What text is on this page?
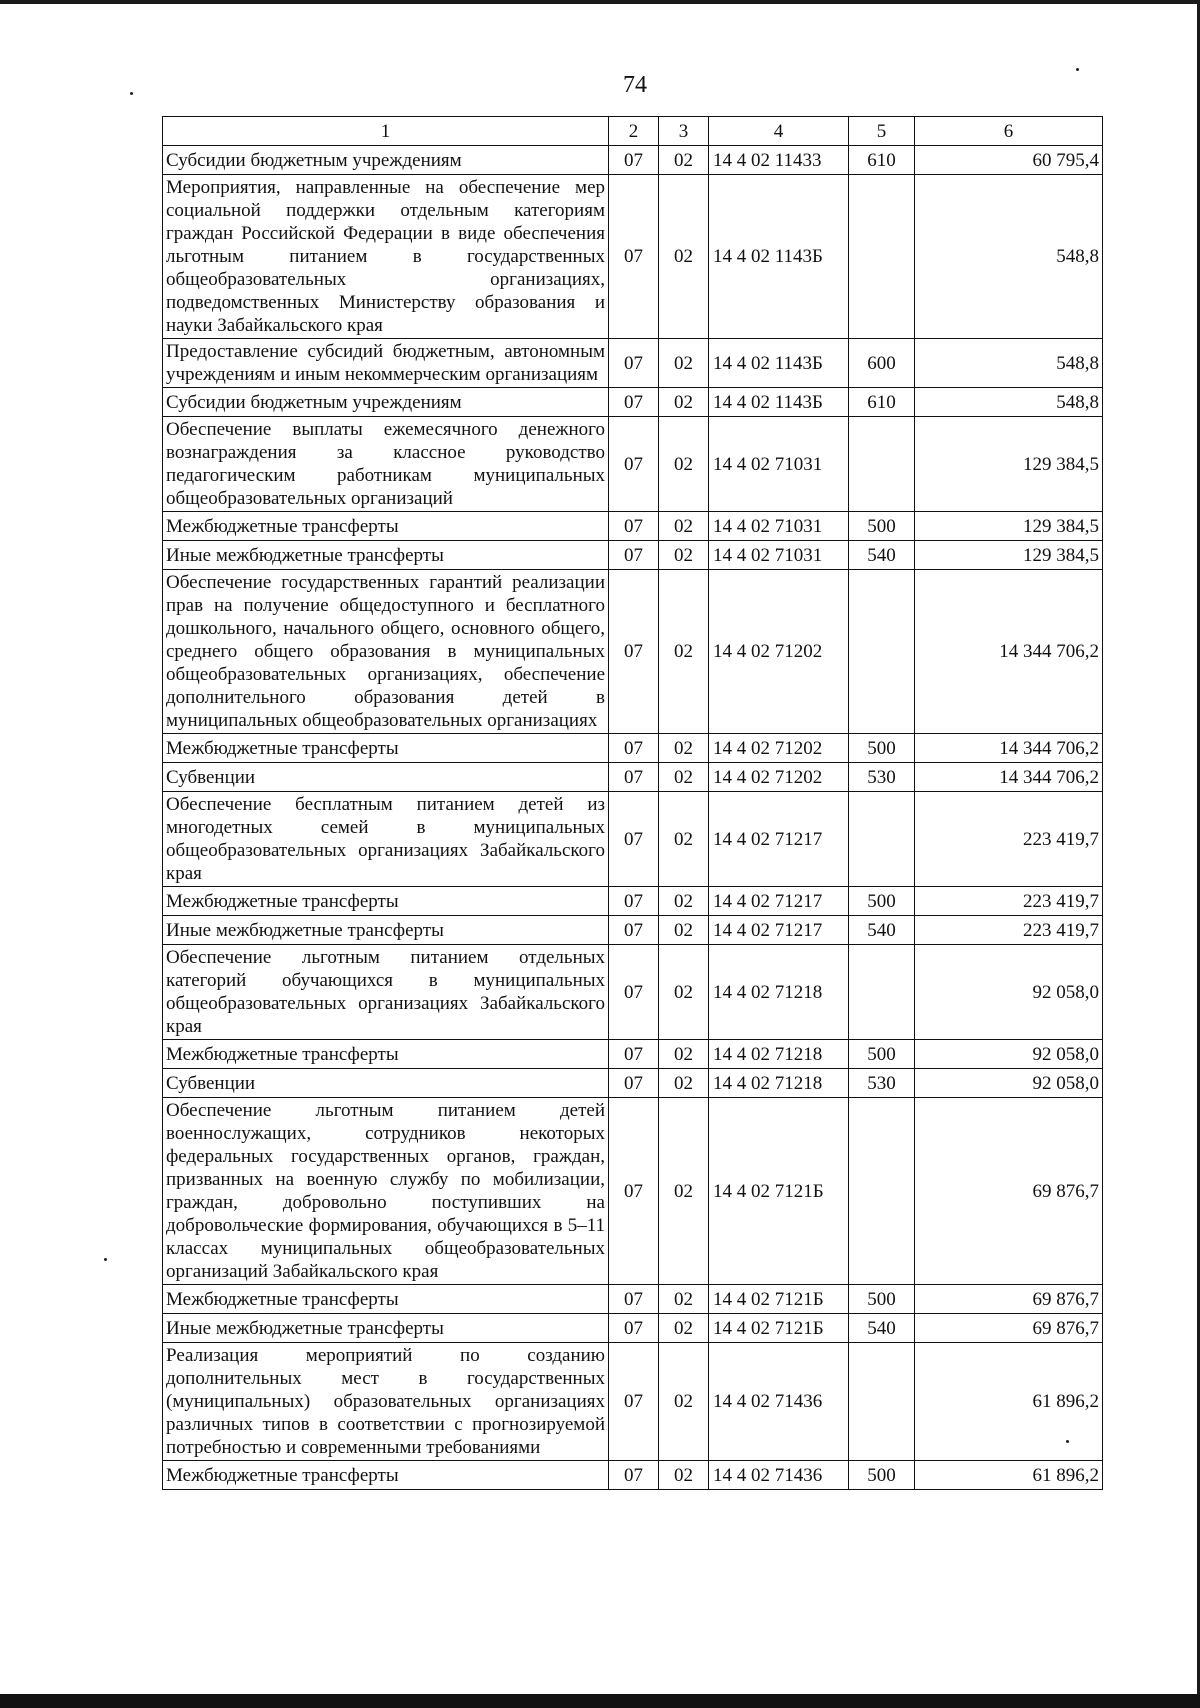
74
1	2	3	4	5	6
Субсидии бюджетным учреждениям	07	02	14 4 02 11433	610	60 795,4
Мероприятия, направленные на обеспечение мер социальной поддержки отдельным категориям граждан Российской Федерации в виде обеспечения льготным питанием в государственных общеобразовательных организациях, подведомственных Министерству образования и науки Забайкальского края	07	02	14 4 02 1143Б		548,8
Предоставление субсидий бюджетным, автономным учреждениям и иным некоммерческим организациям	07	02	14 4 02 1143Б	600	548,8
Субсидии бюджетным учреждениям	07	02	14 4 02 1143Б	610	548,8
Обеспечение выплаты ежемесячного денежного вознаграждения за классное руководство педагогическим работникам муниципальных общеобразовательных организаций	07	02	14 4 02 71031		129 384,5
Межбюджетные трансферты	07	02	14 4 02 71031	500	129 384,5
Иные межбюджетные трансферты	07	02	14 4 02 71031	540	129 384,5
Обеспечение государственных гарантий реализации прав на получение общедоступного и бесплатного дошкольного, начального общего, основного общего, среднего общего образования в муниципальных общеобразовательных организациях, обеспечение дополнительного образования детей в муниципальных общеобразовательных организациях	07	02	14 4 02 71202		14 344 706,2
Межбюджетные трансферты	07	02	14 4 02 71202	500	14 344 706,2
Субвенции	07	02	14 4 02 71202	530	14 344 706,2
Обеспечение бесплатным питанием детей из многодетных семей в муниципальных общеобразовательных организациях Забайкальского края	07	02	14 4 02 71217		223 419,7
Межбюджетные трансферты	07	02	14 4 02 71217	500	223 419,7
Иные межбюджетные трансферты	07	02	14 4 02 71217	540	223 419,7
Обеспечение льготным питанием отдельных категорий обучающихся в муниципальных общеобразовательных организациях Забайкальского края	07	02	14 4 02 71218		92 058,0
Межбюджетные трансферты	07	02	14 4 02 71218	500	92 058,0
Субвенции	07	02	14 4 02 71218	530	92 058,0
Обеспечение льготным питанием детей военнослужащих, сотрудников некоторых федеральных государственных органов, граждан, призванных на военную службу по мобилизации, граждан, добровольно поступивших на добровольческие формирования, обучающихся в 5–11 классах муниципальных общеобразовательных организаций Забайкальского края	07	02	14 4 02 7121Б		69 876,7
Межбюджетные трансферты	07	02	14 4 02 7121Б	500	69 876,7
Иные межбюджетные трансферты	07	02	14 4 02 7121Б	540	69 876,7
Реализация мероприятий по созданию дополнительных мест в государственных (муниципальных) образовательных организациях различных типов в соответствии с прогнозируемой потребностью и современными требованиями	07	02	14 4 02 71436		61 896,2
Межбюджетные трансферты	07	02	14 4 02 71436	500	61 896,2
